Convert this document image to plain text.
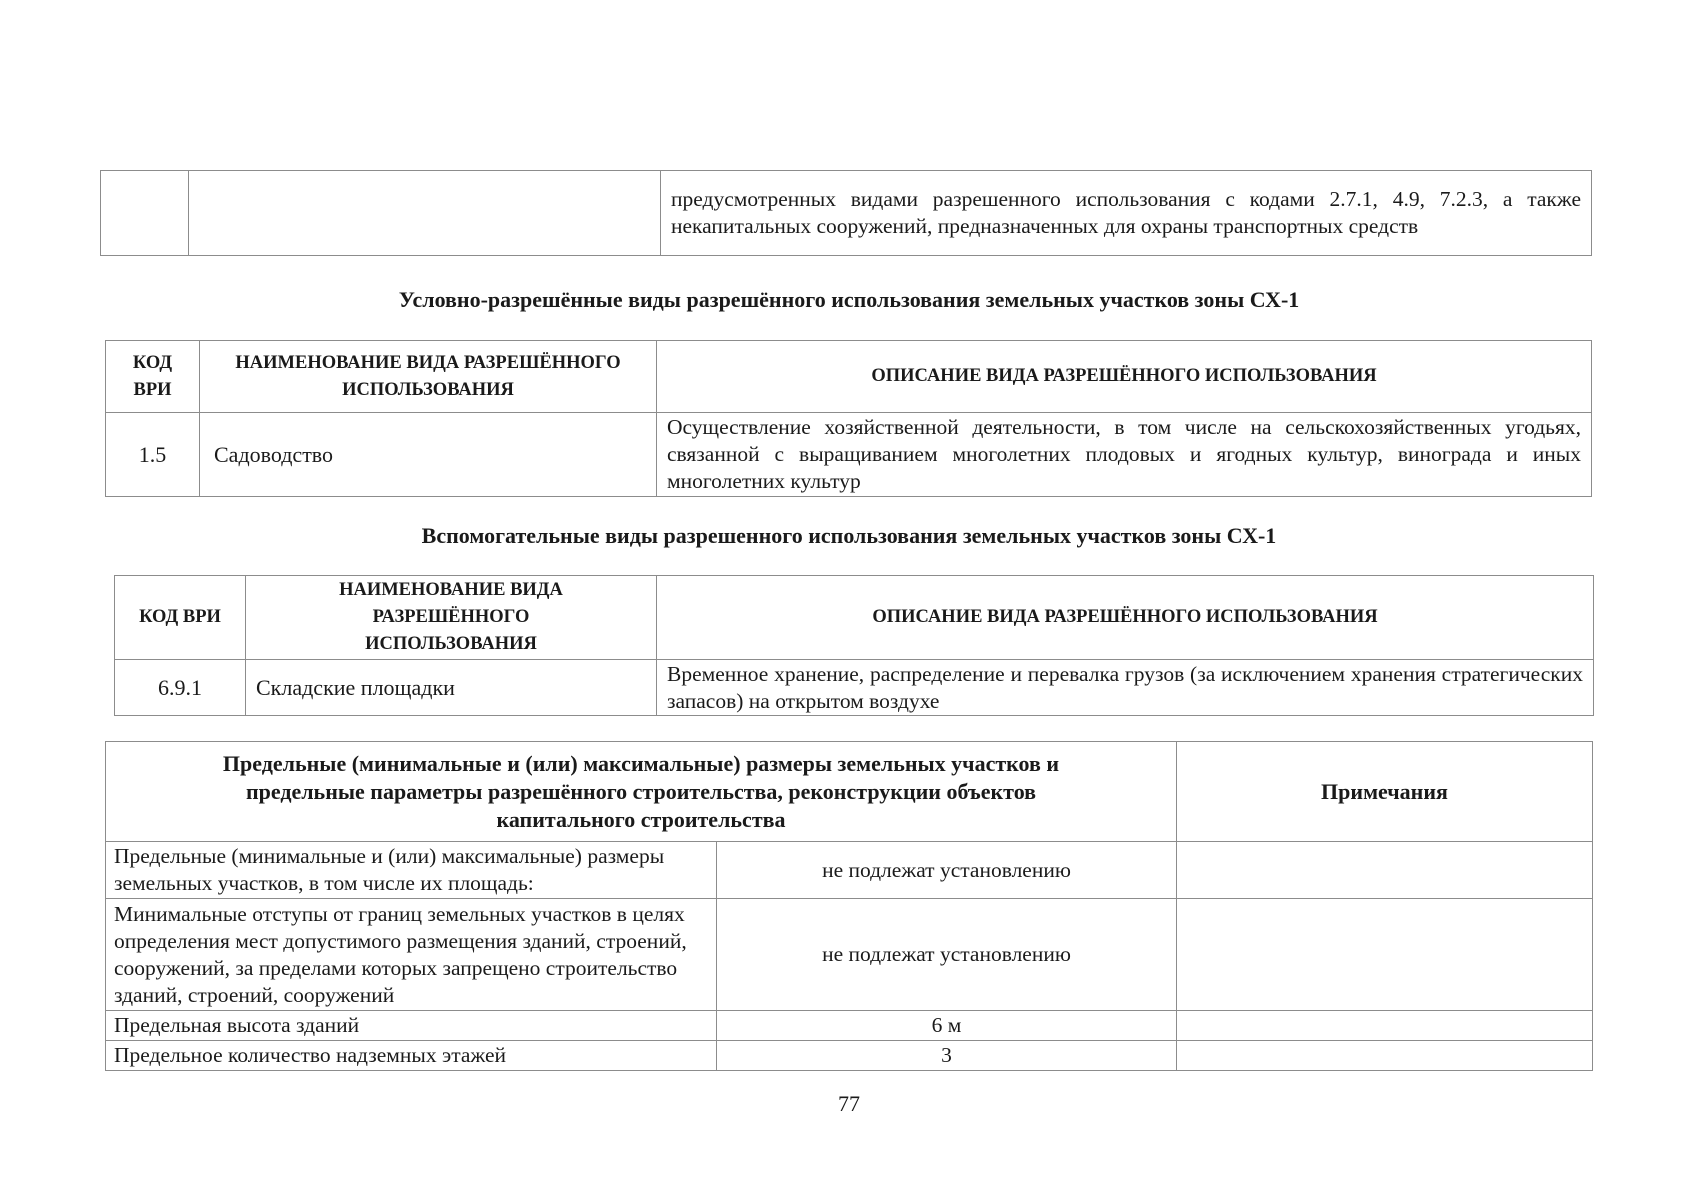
		предусмотренных видами разрешенного использования с кодами 2.7.1, 4.9, 7.2.3, а также некапитальных сооружений, предназначенных для охраны транспортных средств
Условно-разрешённые виды разрешённого использования земельных участков зоны СХ-1
КОД ВРИ	НАИМЕНОВАНИЕ ВИДА РАЗРЕШЁННОГО ИСПОЛЬЗОВАНИЯ	ОПИСАНИЕ ВИДА РАЗРЕШЁННОГО ИСПОЛЬЗОВАНИЯ
1.5	Садоводство	Осуществление хозяйственной деятельности, в том числе на сельскохозяйственных угодьях, связанной с выращиванием многолетних плодовых и ягодных культур, винограда и иных многолетних культур
Вспомогательные виды разрешенного использования земельных участков зоны СХ-1
КОД ВРИ	НАИМЕНОВАНИЕ ВИДА РАЗРЕШЁННОГО ИСПОЛЬЗОВАНИЯ	ОПИСАНИЕ ВИДА РАЗРЕШЁННОГО ИСПОЛЬЗОВАНИЯ
6.9.1	Складские площадки	Временное хранение, распределение и перевалка грузов (за исключением хранения стратегических запасов) на открытом воздухе
Предельные (минимальные и (или) максимальные) размеры земельных участков и предельные параметры разрешённого строительства, реконструкции объектов капитального строительства		Примечания
Предельные (минимальные и (или) максимальные) размеры земельных участков, в том числе их площадь:	не подлежат установлению	
Минимальные отступы от границ земельных участков в целях определения мест допустимого размещения зданий, строений, сооружений, за пределами которых запрещено строительство зданий, строений, сооружений	не подлежат установлению	
Предельная высота зданий	6 м	
Предельное количество надземных этажей	3	
77
